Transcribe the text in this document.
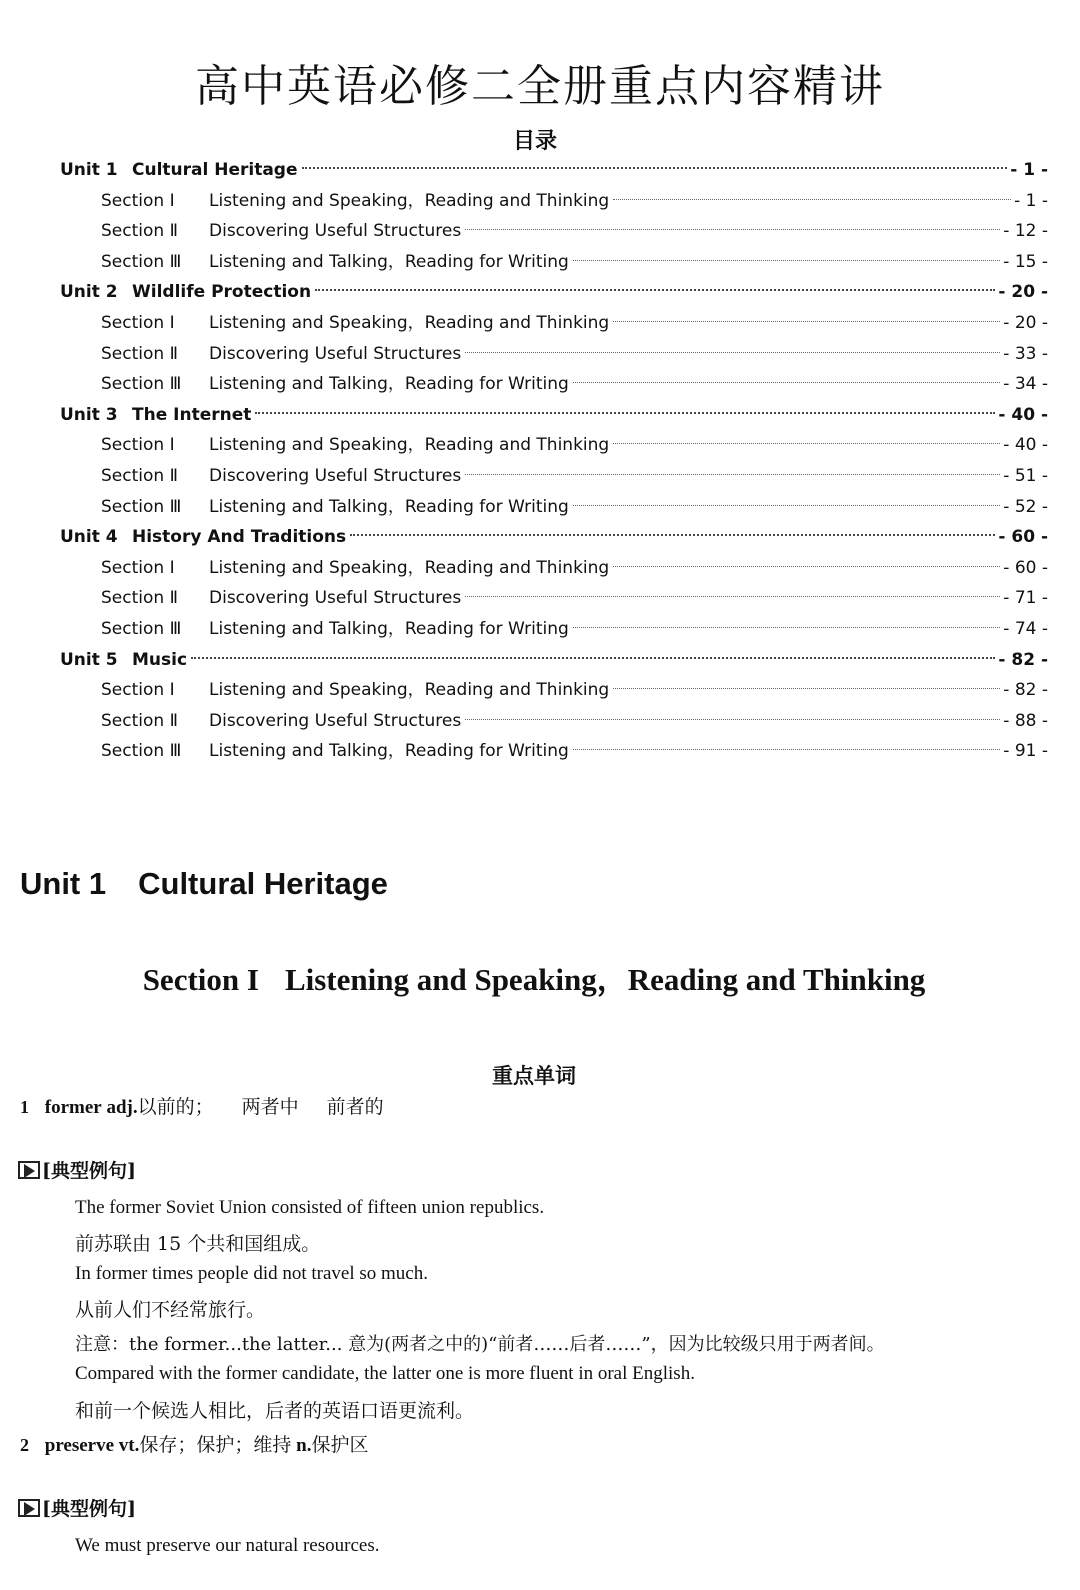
高中英语必修二全册重点内容精讲
目录
Unit 1 Cultural Heritage	- 1 -
Section Ⅰ	Listening and Speaking，Reading and Thinking	- 1 -
Section Ⅱ	Discovering Useful Structures	- 12 -
Section Ⅲ	Listening and Talking，Reading for Writing	- 15 -
Unit 2 Wildlife Protection	- 20 -
Section Ⅰ	Listening and Speaking，Reading and Thinking	- 20 -
Section Ⅱ	Discovering Useful Structures	- 33 -
Section Ⅲ	Listening and Talking，Reading for Writing	- 34 -
Unit 3 The Internet	- 40 -
Section Ⅰ	Listening and Speaking，Reading and Thinking	- 40 -
Section Ⅱ	Discovering Useful Structures	- 51 -
Section Ⅲ	Listening and Talking，Reading for Writing	- 52 -
Unit 4 History And Traditions	- 60 -
Section Ⅰ	Listening and Speaking，Reading and Thinking	- 60 -
Section Ⅱ	Discovering Useful Structures	- 71 -
Section Ⅲ	Listening and Talking，Reading for Writing	- 74 -
Unit 5 Music	- 82 -
Section Ⅰ	Listening and Speaking，Reading and Thinking	- 82 -
Section Ⅱ	Discovering Useful Structures	- 88 -
Section Ⅲ	Listening and Talking，Reading for Writing	- 91 -
Unit 1 Cultural Heritage
Section I Listening and Speaking，Reading and Thinking
重点单词
1 former adj.以前的； 两者中 前者的
[典型例句]
The former Soviet Union consisted of fifteen union republics.
前苏联由 15 个共和国组成。
In former times people did not travel so much.
从前人们不经常旅行。
注意：the former...the latter... 意为(两者之中的)“前者……后者……”，因为比较级只用于两者间。
Compared with the former candidate, the latter one is more fluent in oral English.
和前一个候选人相比，后者的英语口语更流利。
2 preserve vt.保存；保护；维持 n.保护区
[典型例句]
We must preserve our natural resources.
